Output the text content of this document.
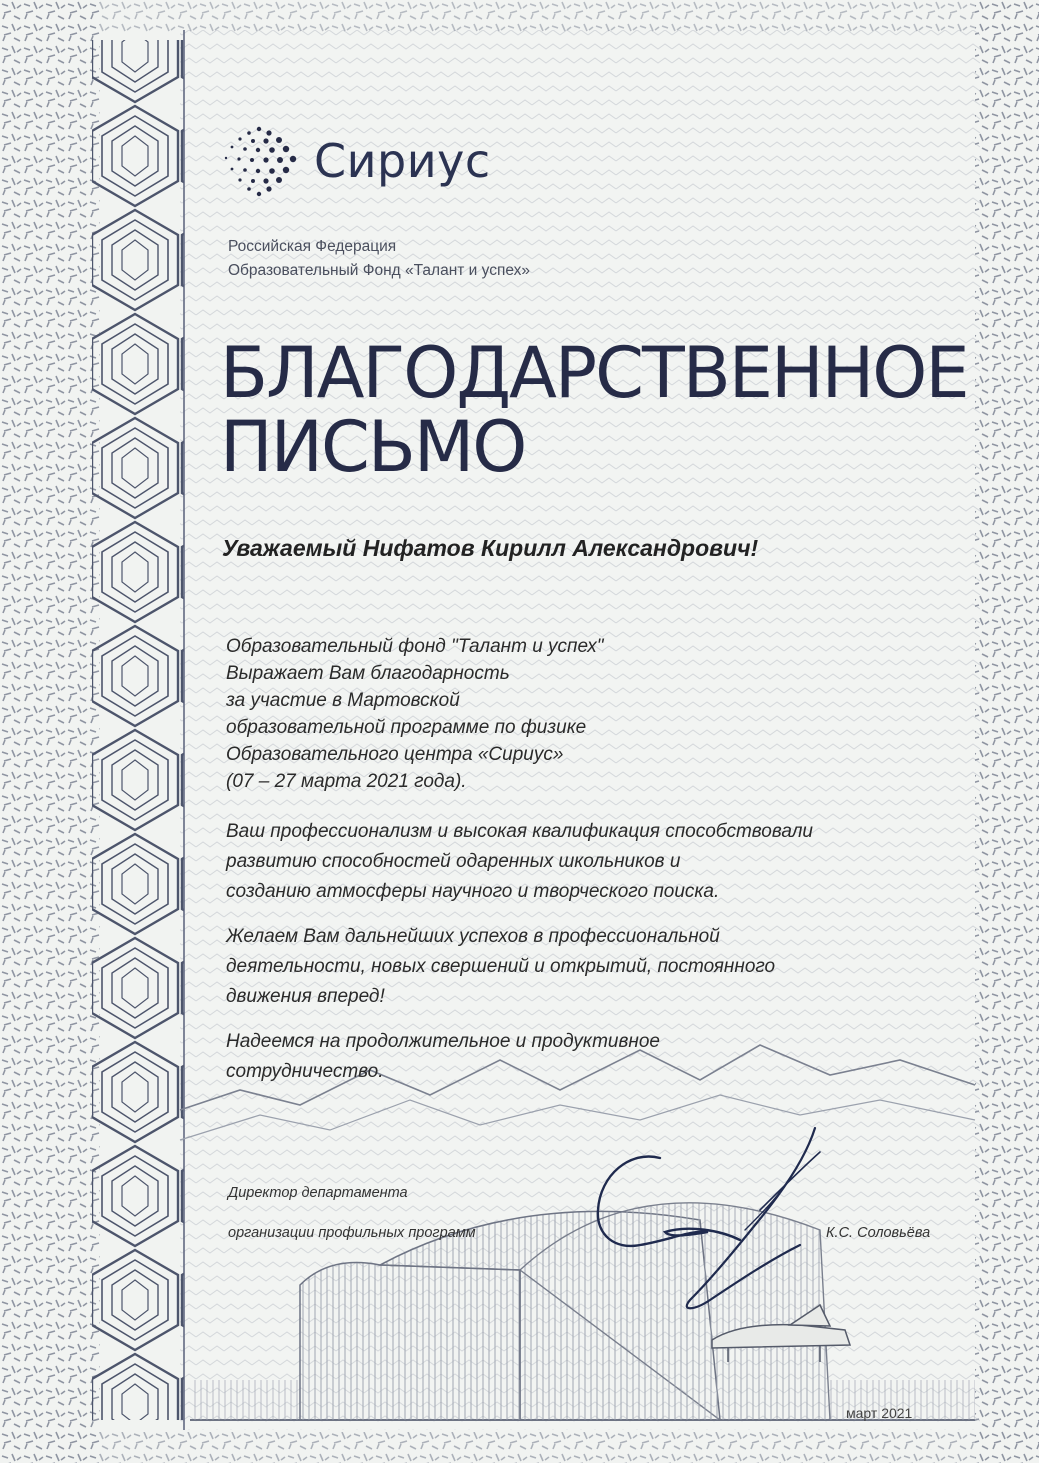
Сириус
Российская Федерация
Образовательный Фонд «Талант и успех»
БЛАГОДАРСТВЕННОЕ
ПИСЬМО
Уважаемый Нифатов Кирилл Александрович!
Образовательный фонд "Талант и успех"
Выражает Вам благодарность
за участие в Мартовской
образовательной программе по физике
Образовательного центра «Сириус»
(07 – 27 марта 2021 года).
Ваш профессионализм и высокая квалификация способствовали
развитию способностей одаренных школьников и
созданию атмосферы научного и творческого поиска.
Желаем Вам дальнейших успехов в профессиональной
деятельности, новых свершений и открытий, постоянного
движения вперед!
Надеемся на продолжительное и продуктивное
сотрудничество.
Директор департамента
организации профильных программ	К.С. Соловьёва
март 2021
